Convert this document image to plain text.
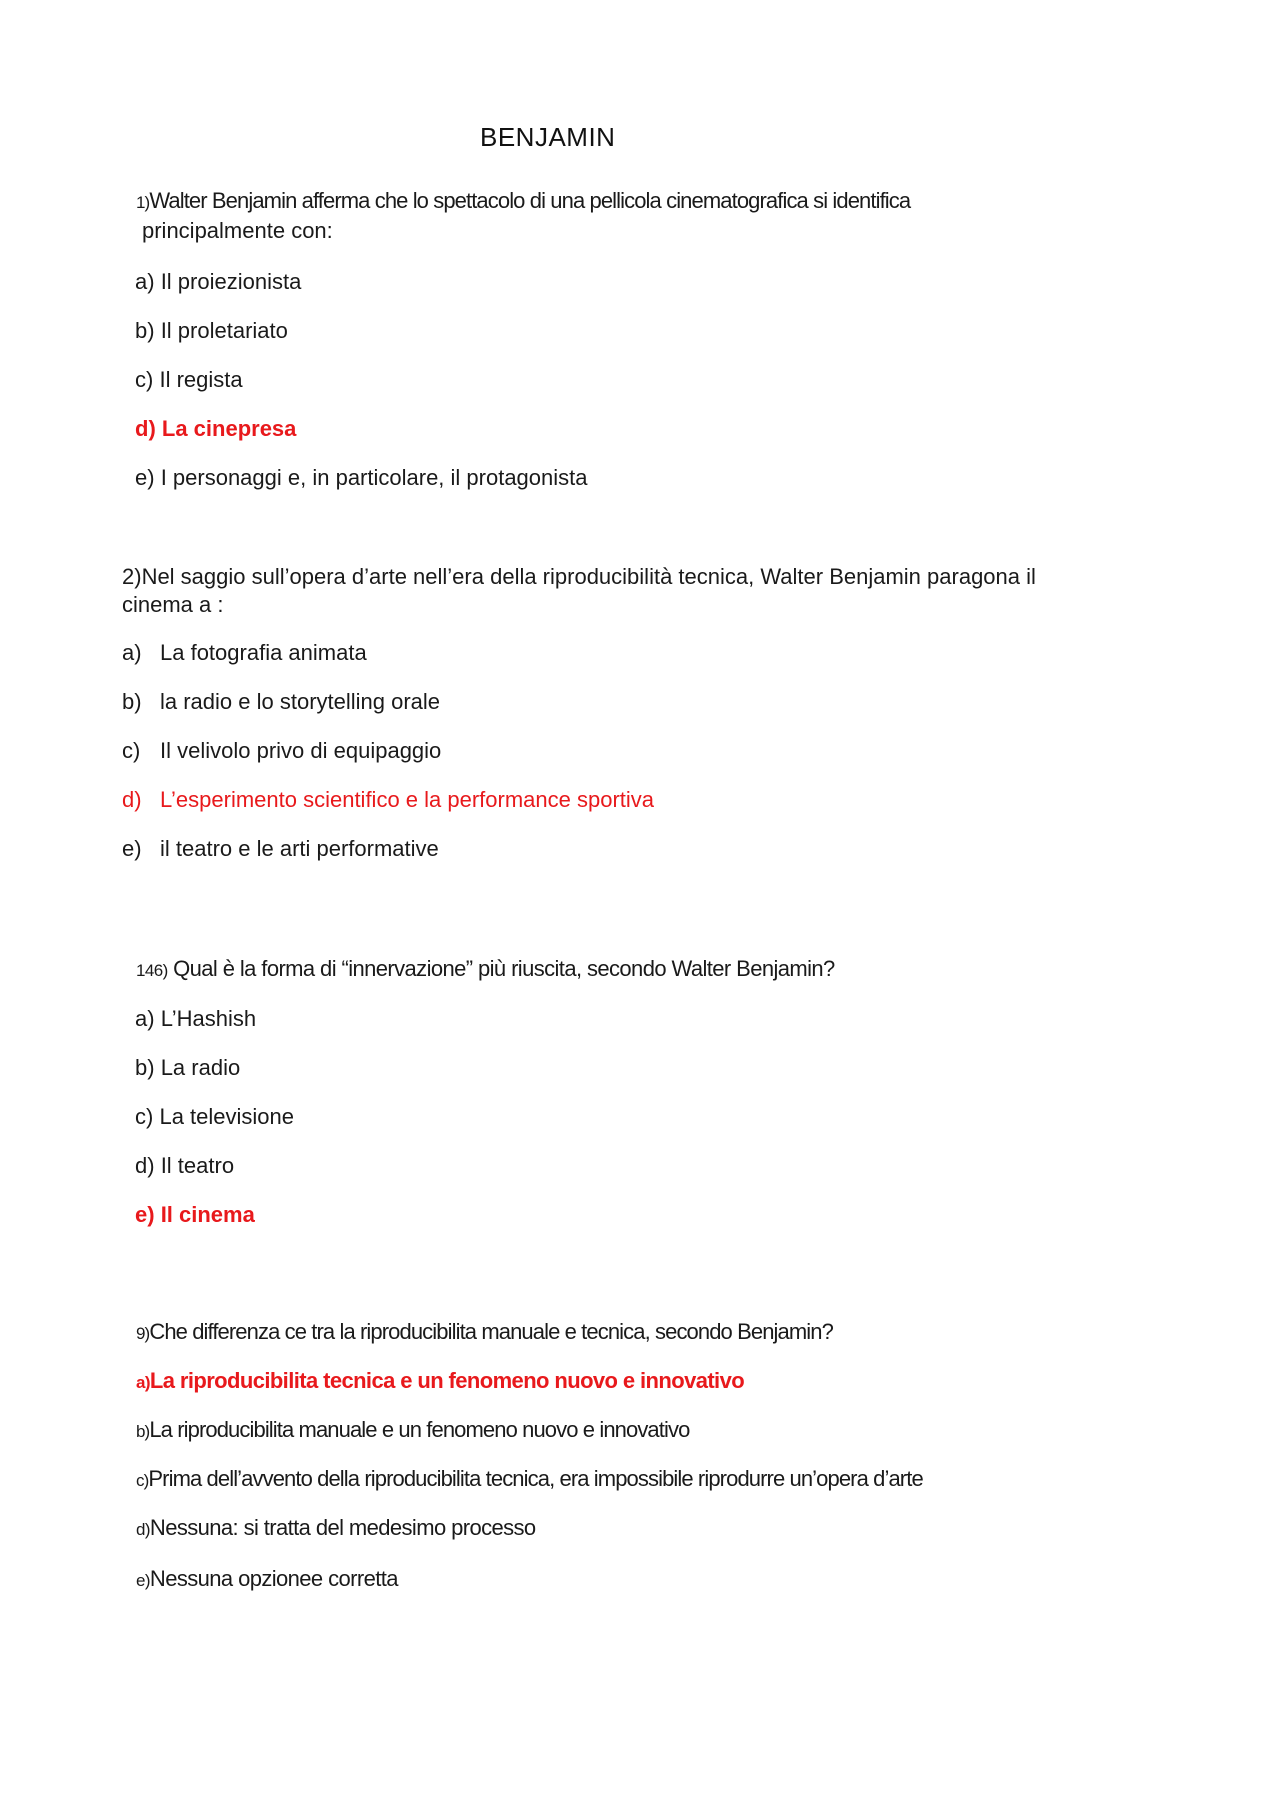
BENJAMIN
1)Walter Benjamin afferma che lo spettacolo di una pellicola cinematografica si identifica
principalmente con:
a) Il proiezionista
b) Il proletariato
c) Il regista
d) La cinepresa
e) I personaggi e, in particolare, il protagonista
2)Nel saggio sull’opera d’arte nell’era della riproducibilità tecnica, Walter Benjamin paragona il
cinema a :
a) La fotografia animata
b) la radio e lo storytelling orale
c) Il velivolo privo di equipaggio
d) L’esperimento scientifico e la performance sportiva
e) il teatro e le arti performative
146) Qual è la forma di “innervazione” più riuscita, secondo Walter Benjamin?
a) L’Hashish
b) La radio
c) La televisione
d) Il teatro
e) Il cinema
9)Che differenza ce tra la riproducibilita manuale e tecnica, secondo Benjamin?
a)La riproducibilita tecnica e un fenomeno nuovo e innovativo
b)La riproducibilita manuale e un fenomeno nuovo e innovativo
c)Prima dell’avvento della riproducibilita tecnica, era impossibile riprodurre un’opera d’arte
d)Nessuna: si tratta del medesimo processo
e)Nessuna opzionee corretta
